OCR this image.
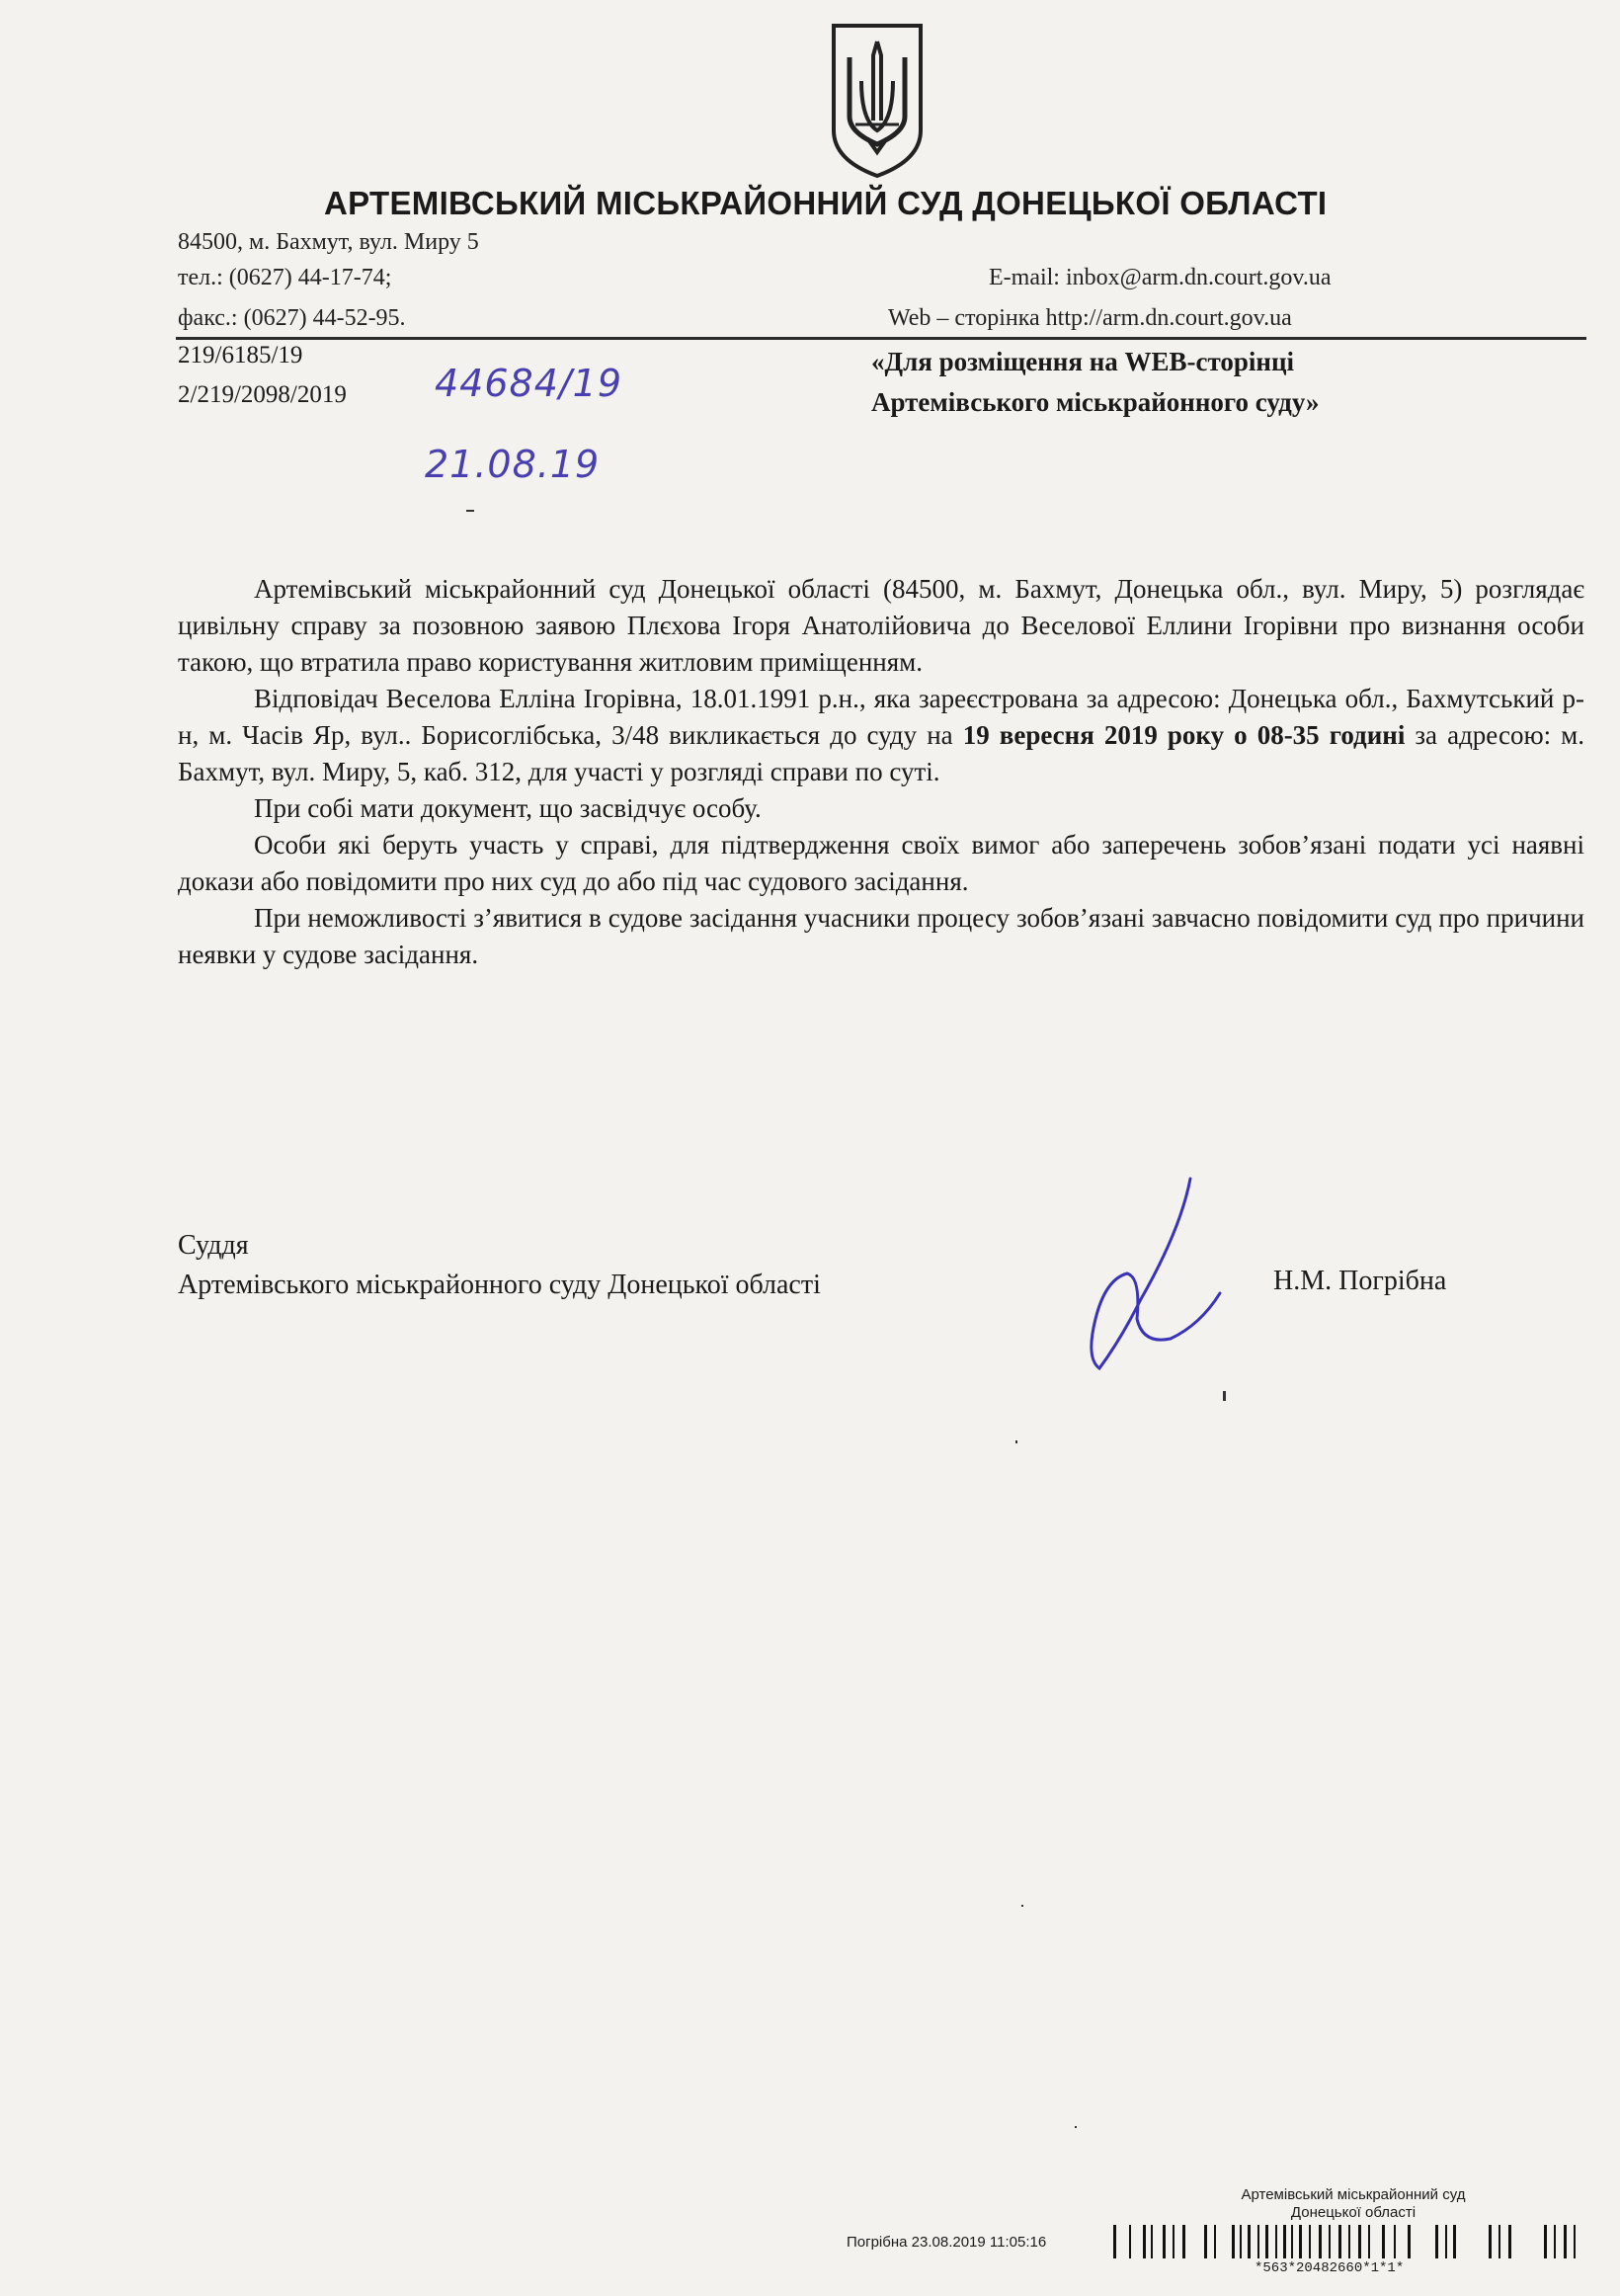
АРТЕМІВСЬКИЙ МІСЬКРАЙОННИЙ СУД ДОНЕЦЬКОЇ ОБЛАСТІ
84500, м. Бахмут, вул. Миру 5
тел.: (0627) 44-17-74;
факс.: (0627) 44-52-95.
E-mail: inbox@arm.dn.court.gov.ua
Web – сторінка http://arm.dn.court.gov.ua
219/6185/19
2/219/2098/2019
«Для розміщення на WEB-сторінці
Артемівського міськрайонного суду»
44684/19
21.08.19

Артемівський міськрайонний суд Донецької області (84500, м. Бахмут, Донецька обл., вул. Миру, 5) розглядає цивільну справу за позовною заявою Плєхова Ігоря Анатолійовича до Веселової Еллини Ігорівни про визнання особи такою, що втратила право користування житловим приміщенням.

Відповідач Веселова Елліна Ігорівна, 18.01.1991 р.н., яка зареєстрована за адресою: Донецька обл., Бахмутський р-н, м. Часів Яр, вул.. Борисоглібська, 3/48 викликається до суду на 19 вересня 2019 року о 08-35 годині за адресою: м. Бахмут, вул. Миру, 5, каб. 312, для участі у розгляді справи по суті.

При собі мати документ, що засвідчує особу.

Особи які беруть участь у справі, для підтвердження своїх вимог або заперечень зобов’язані подати усі наявні докази або повідомити про них суд до або під час судового засідання.

При неможливості з’явитися в судове засідання учасники процесу зобов’язані завчасно повідомити суд про причини неявки у судове засідання.

Суддя
Артемівського міськрайонного суду Донецької області	Н.М. Погрібна
Артемівський міськрайонний суд
Донецької області
Погрібна 23.08.2019 11:05:16
*563*20482660*1*1*
